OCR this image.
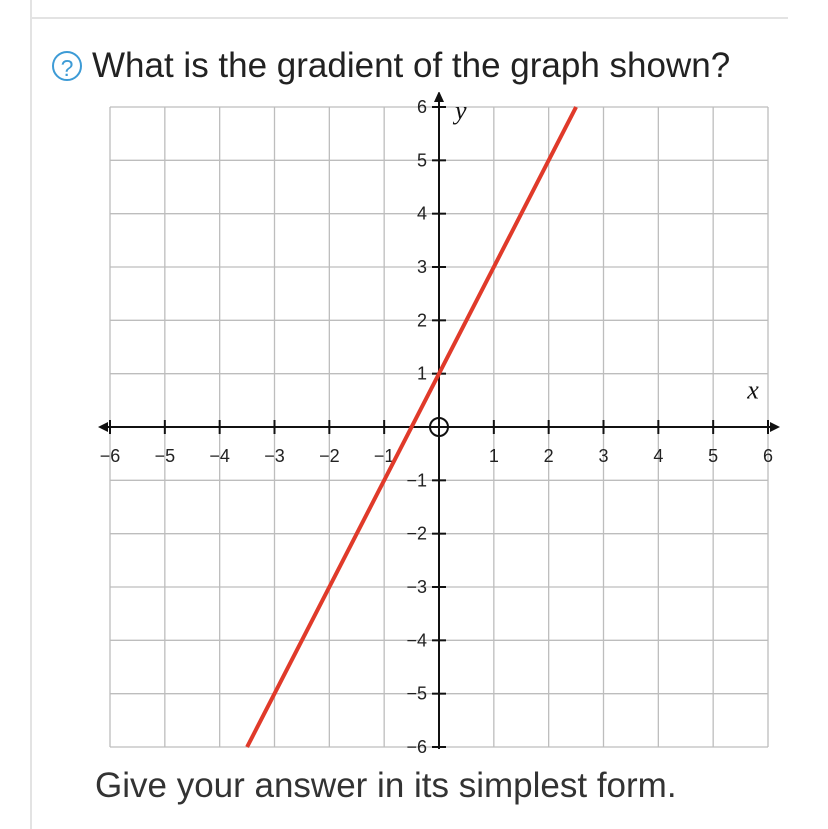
? What is the gradient of the graph shown?
−6 −5 −4 −3 −2 −1	1 2 3 4 5 6
6
5
4
3
2
1
−1
−2
−3
−4
−5
−6
x
y
Give your answer in its simplest form.
